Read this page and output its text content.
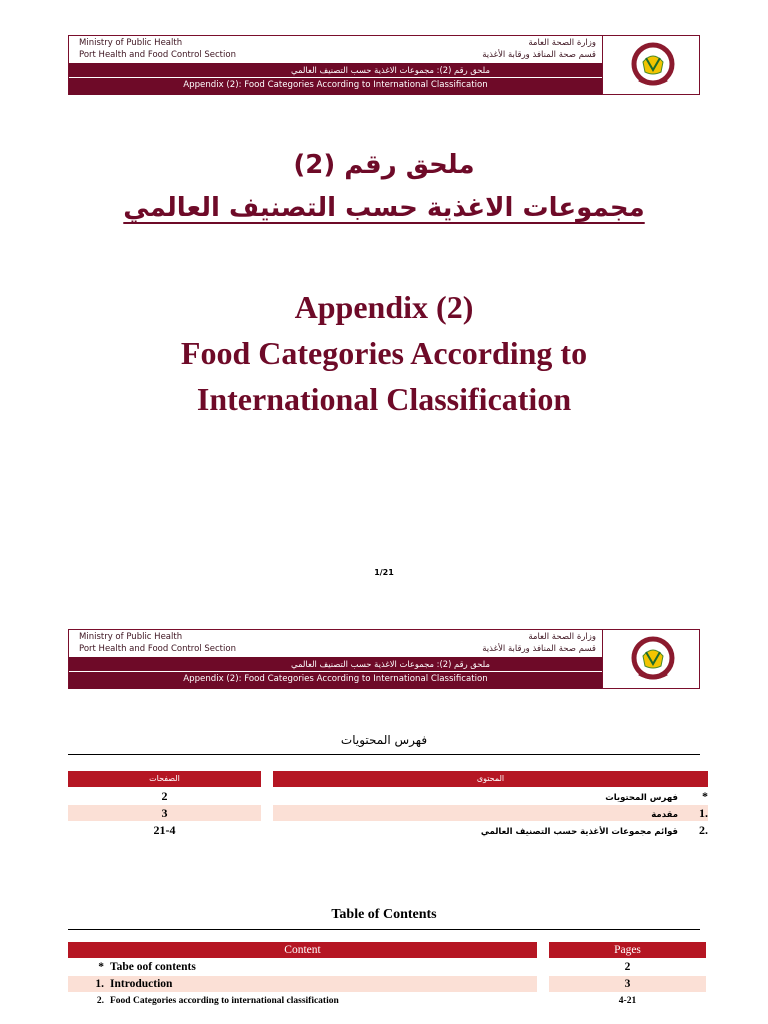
Ministry of Public Health	وزارة الصحة العامة
Port Health and Food Control Section	قسم صحة المنافذ ورقابة الأغذية
ملحق رقم (2): مجموعات الاغذية حسب التصنيف العالمي
Appendix (2): Food Categories According to International Classification
ملحق رقم (2)
مجموعات الاغذية حسب التصنيف العالمي
Appendix (2)
Food Categories According to
International Classification
1/21
Ministry of Public Health	وزارة الصحة العامة
Port Health and Food Control Section	قسم صحة المنافذ ورقابة الأغذية
ملحق رقم (2): مجموعات الاغذية حسب التصنيف العالمي
Appendix (2): Food Categories According to International Classification
فهرس المحتويات
الصفحات	المحتوى
2	*فهرس المحتويات
3	.1مقدمة
21-4	.2قوائم مجموعات الأغذية حسب التصنيف العالمي
Table of Contents
Content	Pages
* Tabe oof contents	2
1. Introduction	3
2. Food Categories according to international classification	4-21
